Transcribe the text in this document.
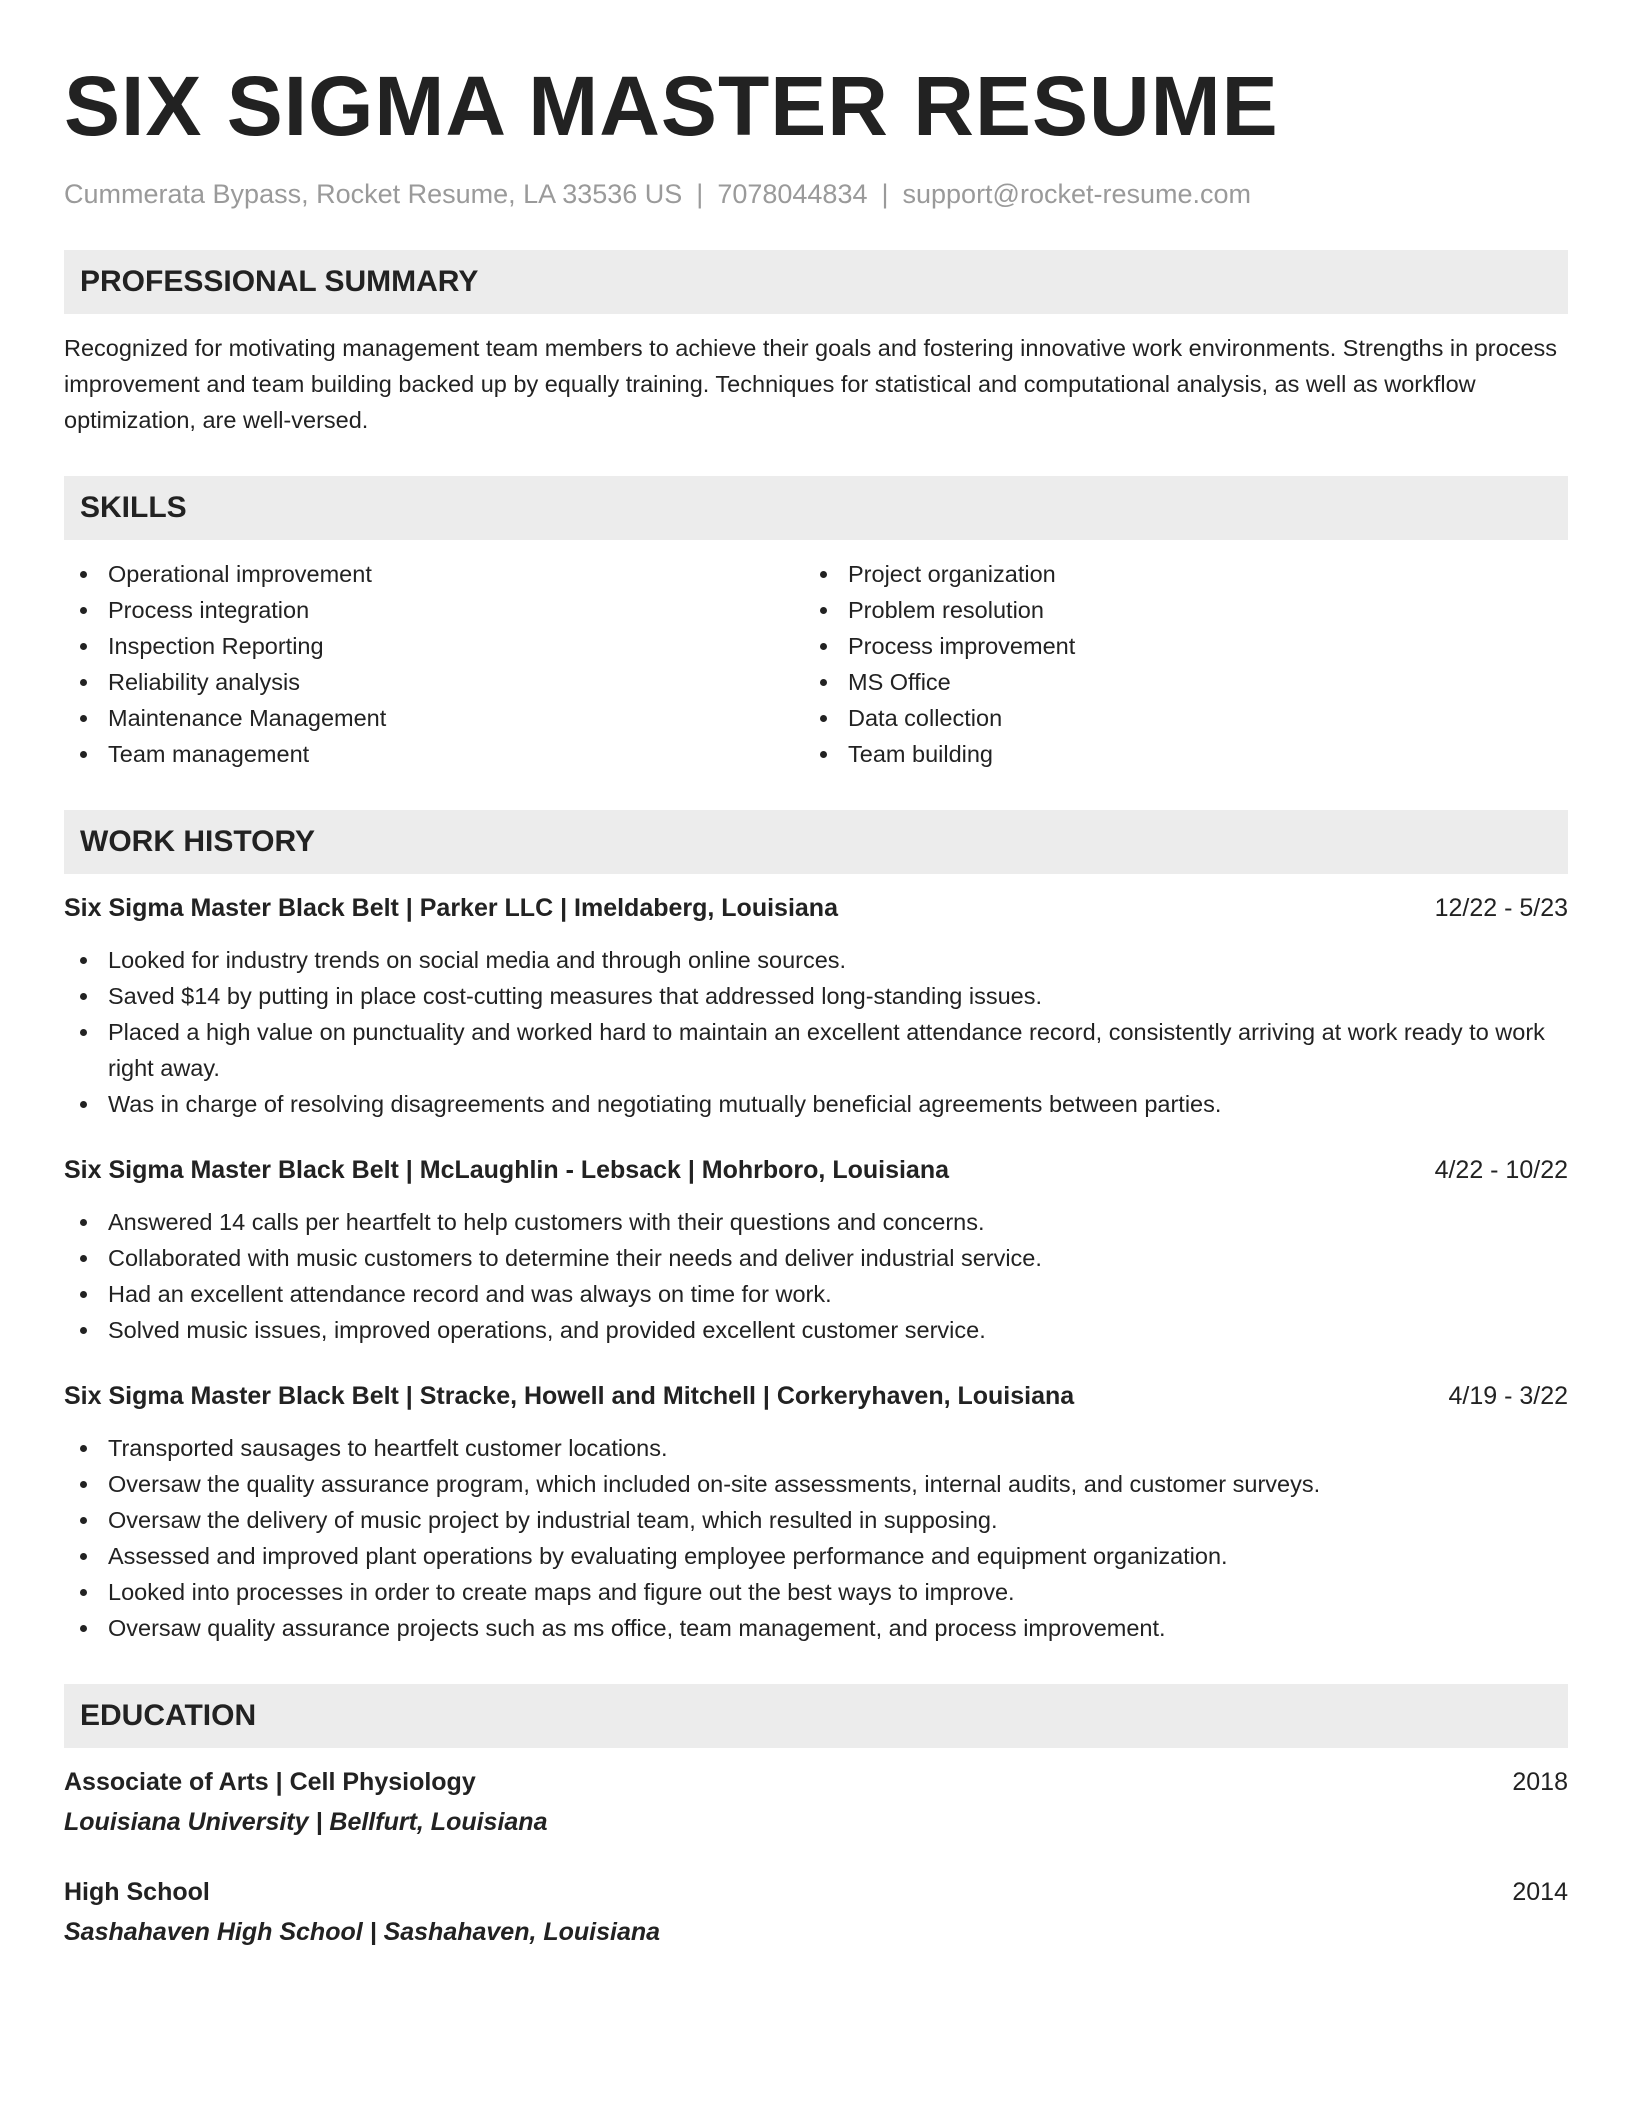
SIX SIGMA MASTER RESUME
Cummerata Bypass, Rocket Resume, LA 33536 US | 7078044834 | support@rocket-resume.com
PROFESSIONAL SUMMARY
Recognized for motivating management team members to achieve their goals and fostering innovative work environments. Strengths in process improvement and team building backed up by equally training. Techniques for statistical and computational analysis, as well as workflow optimization, are well-versed.
SKILLS
Operational improvement
Process integration
Inspection Reporting
Reliability analysis
Maintenance Management
Team management
Project organization
Problem resolution
Process improvement
MS Office
Data collection
Team building
WORK HISTORY
Six Sigma Master Black Belt | Parker LLC | Imeldaberg, Louisiana	12/22 - 5/23
Looked for industry trends on social media and through online sources.
Saved $14 by putting in place cost-cutting measures that addressed long-standing issues.
Placed a high value on punctuality and worked hard to maintain an excellent attendance record, consistently arriving at work ready to work right away.
Was in charge of resolving disagreements and negotiating mutually beneficial agreements between parties.
Six Sigma Master Black Belt | McLaughlin - Lebsack | Mohrboro, Louisiana	4/22 - 10/22
Answered 14 calls per heartfelt to help customers with their questions and concerns.
Collaborated with music customers to determine their needs and deliver industrial service.
Had an excellent attendance record and was always on time for work.
Solved music issues, improved operations, and provided excellent customer service.
Six Sigma Master Black Belt | Stracke, Howell and Mitchell | Corkeryhaven, Louisiana	4/19 - 3/22
Transported sausages to heartfelt customer locations.
Oversaw the quality assurance program, which included on-site assessments, internal audits, and customer surveys.
Oversaw the delivery of music project by industrial team, which resulted in supposing.
Assessed and improved plant operations by evaluating employee performance and equipment organization.
Looked into processes in order to create maps and figure out the best ways to improve.
Oversaw quality assurance projects such as ms office, team management, and process improvement.
EDUCATION
Associate of Arts | Cell Physiology	2018
Louisiana University | Bellfurt, Louisiana
High School	2014
Sashahaven High School | Sashahaven, Louisiana
